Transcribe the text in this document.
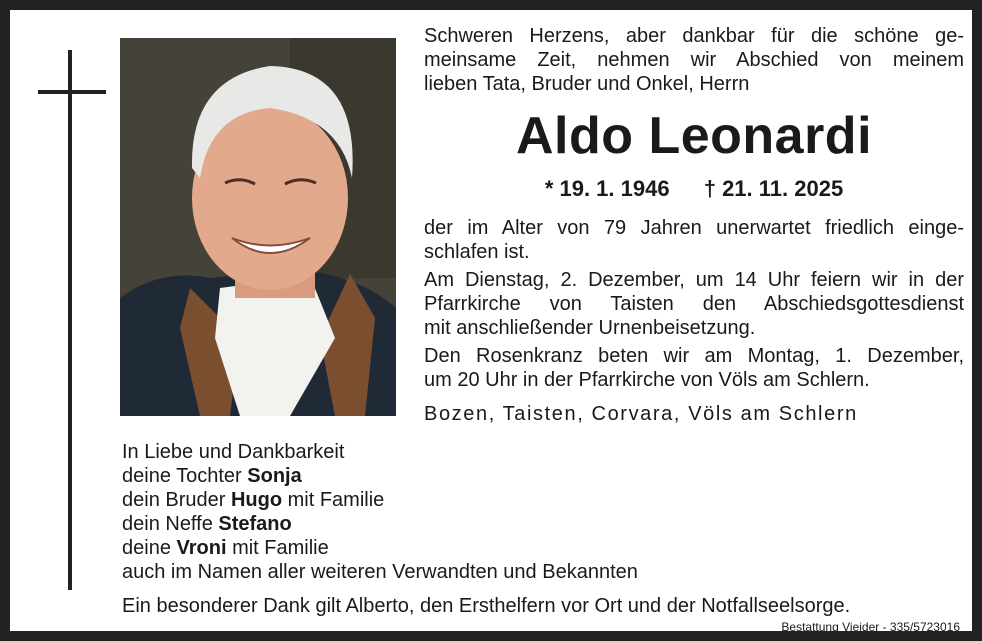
Schweren Herzens, aber dankbar für die schöne ge-
meinsame Zeit, nehmen wir Abschied von meinem
lieben Tata, Bruder und Onkel, Herrn
Aldo Leonardi
* 19. 1. 1946 † 21. 11. 2025
der im Alter von 79 Jahren unerwartet friedlich einge-
schlafen ist.
Am Dienstag, 2. Dezember, um 14 Uhr feiern wir in der
Pfarrkirche von Taisten den Abschiedsgottesdienst
mit anschließender Urnenbeisetzung.
Den Rosenkranz beten wir am Montag, 1. Dezember,
um 20 Uhr in der Pfarrkirche von Völs am Schlern.
Bozen, Taisten, Corvara, Völs am Schlern
In Liebe und Dankbarkeit
deine Tochter Sonja
dein Bruder Hugo mit Familie
dein Neffe Stefano
deine Vroni mit Familie
auch im Namen aller weiteren Verwandten und Bekannten
Ein besonderer Dank gilt Alberto, den Ersthelfern vor Ort und der Notfallseelsorge.
Bestattung Vieider - 335/5723016
